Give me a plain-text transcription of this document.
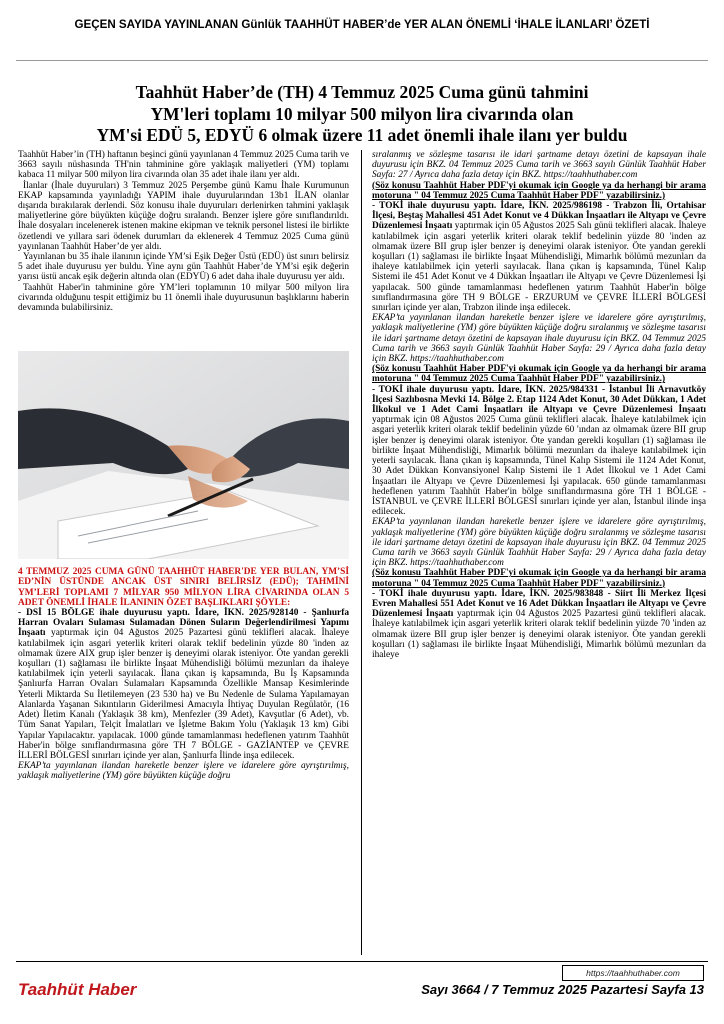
GEÇEN SAYIDA YAYINLANAN Günlük TAAHHÜT HABER’de YER ALAN ÖNEMLİ ‘İHALE İLANLARI’ ÖZETİ
Taahhüt Haber’de (TH) 4 Temmuz 2025 Cuma günü tahmini
YM'leri toplamı 10 milyar 500 milyon lira civarında olan
YM'si EDÜ 5, EDYÜ 6 olmak üzere 11 adet önemli ihale ilanı yer buldu

Taahhüt Haber’in (TH) haftanın beşinci günü yayınlanan 4 Temmuz 2025 Cuma tarih ve 3663 sayılı nüshasında TH'nin tahminine göre yaklaşık maliyetleri (YM) toplamı kabaca 11 milyar 500 milyon lira civarında olan 35 adet ihale ilanı yer aldı.

İlanlar (İhale duyuruları) 3 Temmuz 2025 Perşembe günü Kamu İhale Kurumunun EKAP kapsamında yayınladığı YAPIM ihale duyurularından 13b1 İLAN olanlar dışarıda bırakılarak derlendi. Söz konusu ihale duyuruları derlenirken tahmini yaklaşık maliyetlerine göre büyükten küçüğe doğru sıralandı. Benzer işlere göre sınıflandırıldı. İhale dosyaları incelenerek istenen makine ekipman ve teknik personel listesi ile birlikte özetlendi ve yıllara sari ödenek durumları da eklenerek 4 Temmuz 2025 Cuma günü yayınlanan Taahhüt Haber’de yer aldı.

Yayınlanan bu 35 ihale ilanının içinde YM’si Eşik Değer Üstü (EDÜ) üst sınırı belirsiz 5 adet ihale duyurusu yer buldu. Yine aynı gün Taahhüt Haber’de YM’si eşik değerin yarısı üstü ancak eşik değerin altında olan (EDYÜ) 6 adet daha ihale duyurusu yer aldı.

Taahhüt Haber'in tahminine göre YM’leri toplamının 10 milyar 500 milyon lira civarında olduğunu tespit ettiğimiz bu 11 önemli ihale duyurusunun başlıklarını haberin devamında bulabilirsiniz.

4 TEMMUZ 2025 CUMA GÜNÜ TAAHHÜT HABER'DE YER BULAN, YM’Sİ ED’NİN ÜSTÜNDE ANCAK ÜST SINIRI BELİRSİZ (EDÜ); TAHMİNİ YM’LERİ TOPLAMI 7 MİLYAR 950 MİLYON LİRA CİVARINDA OLAN 5 ADET ÖNEMLİ İHALE İLANININ ÖZET BAŞLIKLARI ŞÖYLE:

- DSİ 15 BÖLGE ihale duyurusu yaptı. İdare, İKN. 2025/928140 - Şanlıurfa Harran Ovaları Sulaması Sulamadan Dönen Suların Değerlendirilmesi Yapımı İnşaatı yaptırmak için 04 Ağustos 2025 Pazartesi günü teklifleri alacak. İhaleye katılabilmek için asgari yeterlik kriteri olarak teklif bedelinin yüzde 80 'inden az olmamak üzere AIX grup işler benzer iş deneyimi olarak isteniyor. Öte yandan gerekli koşulları (1) sağlaması ile birlikte İnşaat Mühendisliği bölümü mezunları da ihaleye katılabilmek için yeterli sayılacak. İlana çıkan iş kapsamında, Bu İş Kapsamında Şanlıurfa Harran Ovaları Sulamaları Kapsamında Özellikle Mansap Kesimlerinde Yeterli Miktarda Su İletilemeyen (23 530 ha) ve Bu Nedenle de Sulama Yapılamayan Alanlarda Yaşanan Sıkıntıların Giderilmesi Amacıyla İhtiyaç Duyulan Regülatör, (16 Adet) İletim Kanalı (Yaklaşık 38 km), Menfezler (39 Adet), Kavşutlar (6 Adet), vb. Tüm Sanat Yapıları, Telçit İmalatları ve İşletme Bakım Yolu (Yaklaşık 13 km) Gibi Yapılar Yapılacaktır. yapılacak. 1000 günde tamamlanması hedeflenen yatırım Taahhüt Haber'in bölge sınıflandırmasına göre TH 7 BÖLGE - GAZİANTEP ve ÇEVRE İLLERİ BÖLGESİ sınırları içinde yer alan, Şanlıurfa İlinde inşa edilecek.

EKAP’ta yayınlanan ilandan hareketle benzer işlere ve idarelere göre ayrıştırılmış, yaklaşık maliyetlerine (YM) göre büyükten küçüğe doğru

sıralanmış ve sözleşme tasarısı ile idari şartname detayı özetini de kapsayan ihale duyurusu için BKZ. 04 Temmuz 2025 Cuma tarih ve 3663 sayılı Günlük Taahhüt Haber Sayfa: 27 / Ayrıca daha fazla detay için BKZ. https://taahhuthaber.com

(Söz konusu Taahhüt Haber PDF'yi okumak için Google ya da herhangi bir arama motoruna " 04 Temmuz 2025 Cuma Taahhüt Haber PDF" yazabilirsiniz.)

- TOKİ ihale duyurusu yaptı. İdare, İKN. 2025/986198 - Trabzon İli, Ortahisar İlçesi, Beştaş Mahallesi 451 Adet Konut ve 4 Dükkan İnşaatları ile Altyapı ve Çevre Düzenlemesi İnşaatı yaptırmak için 05 Ağustos 2025 Salı günü teklifleri alacak. İhaleye katılabilmek için asgari yeterlik kriteri olarak teklif bedelinin yüzde 80 'inden az olmamak üzere BII grup işler benzer iş deneyimi olarak isteniyor. Öte yandan gerekli koşulları (1) sağlaması ile birlikte İnşaat Mühendisliği, Mimarlık bölümü mezunları da ihaleye katılabilmek için yeterli sayılacak. İlana çıkan iş kapsamında, Tünel Kalıp Sistemi ile 451 Adet Konut ve 4 Dükkan İnşaatları ile Altyapı ve Çevre Düzenlemesi İşi yapılacak. 500 günde tamamlanması hedeflenen yatırım Taahhüt Haber'in bölge sınıflandırmasına göre TH 9 BÖLGE - ERZURUM ve ÇEVRE İLLERİ BÖLGESİ sınırları içinde yer alan, Trabzon ilinde inşa edilecek.

EKAP’ta yayınlanan ilandan hareketle benzer işlere ve idarelere göre ayrıştırılmış, yaklaşık maliyetlerine (YM) göre büyükten küçüğe doğru sıralanmış ve sözleşme tasarısı ile idari şartname detayı özetini de kapsayan ihale duyurusu için BKZ. 04 Temmuz 2025 Cuma tarih ve 3663 sayılı Günlük Taahhüt Haber Sayfa: 29 / Ayrıca daha fazla detay için BKZ. https://taahhuthaber.com

(Söz konusu Taahhüt Haber PDF'yi okumak için Google ya da herhangi bir arama motoruna " 04 Temmuz 2025 Cuma Taahhüt Haber PDF" yazabilirsiniz.)

- TOKİ ihale duyurusu yaptı. İdare, İKN. 2025/984331 - İstanbul İli Arnavutköy İlçesi Sazlıbosna Mevki 14. Bölge 2. Etap 1124 Adet Konut, 30 Adet Dükkan, 1 Adet İlkokul ve 1 Adet Cami İnşaatları ile Altyapı ve Çevre Düzenlemesi İnşaatı yaptırmak için 08 Ağustos 2025 Cuma günü teklifleri alacak. İhaleye katılabilmek için asgari yeterlik kriteri olarak teklif bedelinin yüzde 60 'ından az olmamak üzere BII grup işler benzer iş deneyimi olarak isteniyor. Öte yandan gerekli koşulları (1) sağlaması ile birlikte İnşaat Mühendisliği, Mimarlık bölümü mezunları da ihaleye katılabilmek için yeterli sayılacak. İlana çıkan iş kapsamında, Tünel Kalıp Sistemi ile 1124 Adet Konut, 30 Adet Dükkan Konvansiyonel Kalıp Sistemi ile 1 Adet İlkokul ve 1 Adet Cami İnşaatları ile Altyapı ve Çevre Düzenlemesi İşi yapılacak. 650 günde tamamlanması hedeflenen yatırım Taahhüt Haber'in bölge sınıflandırmasına göre TH 1 BÖLGE - İSTANBUL ve ÇEVRE İLLERİ BÖLGESİ sınırları içinde yer alan, İstanbul ilinde inşa edilecek.

EKAP’ta yayınlanan ilandan hareketle benzer işlere ve idarelere göre ayrıştırılmış, yaklaşık maliyetlerine (YM) göre büyükten küçüğe doğru sıralanmış ve sözleşme tasarısı ile idari şartname detayı özetini de kapsayan ihale duyurusu için BKZ. 04 Temmuz 2025 Cuma tarih ve 3663 sayılı Günlük Taahhüt Haber Sayfa: 29 / Ayrıca daha fazla detay için BKZ. https://taahhuthaber.com

(Söz konusu Taahhüt Haber PDF'yi okumak için Google ya da herhangi bir arama motoruna " 04 Temmuz 2025 Cuma Taahhüt Haber PDF" yazabilirsiniz.)

- TOKİ ihale duyurusu yaptı. İdare, İKN. 2025/983848 - Siirt İli Merkez İlçesi Evren Mahallesi 551 Adet Konut ve 16 Adet Dükkan İnşaatları ile Altyapı ve Çevre Düzenlemesi İnşaatı yaptırmak için 04 Ağustos 2025 Pazartesi günü teklifleri alacak. İhaleye katılabilmek için asgari yeterlik kriteri olarak teklif bedelinin yüzde 70 'inden az olmamak üzere BII grup işler benzer iş deneyimi olarak isteniyor. Öte yandan gerekli koşulları (1) sağlaması ile birlikte İnşaat Mühendisliği, Mimarlık bölümü mezunları da ihaleye

https://taahhuthaber.com
Taahhüt Haber	Sayı 3664 / 7 Temmuz 2025 Pazartesi Sayfa 13
